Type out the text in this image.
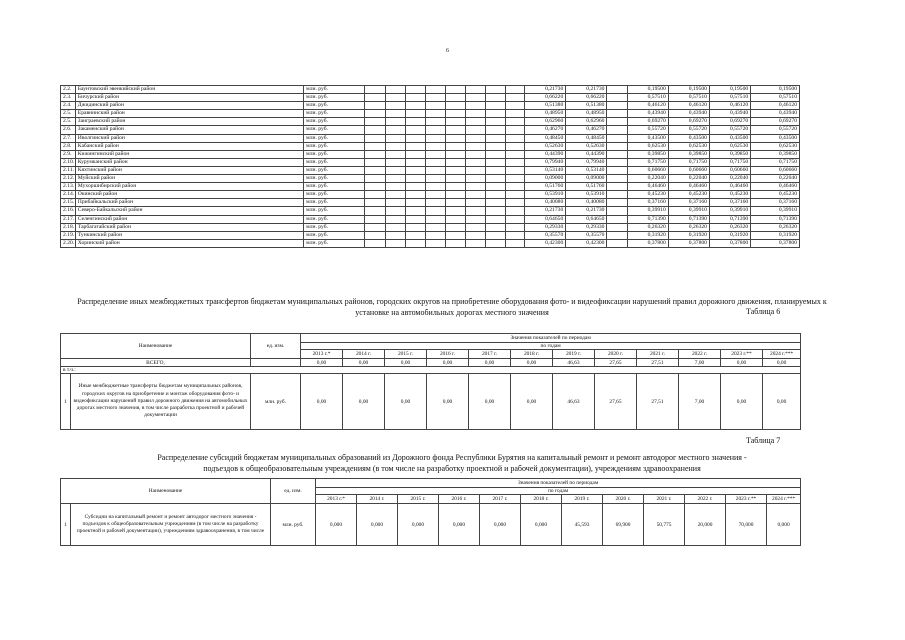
6
2.2.	Баунтовский эвенкийский район	млн. руб.									0,21730	0,21730		0,19500	0,19500	0,19500	0,19500
2.3.	Бичурский район	млн. руб.									0,66220	0,66220		0,57510	0,57510	0,57510	0,57510
2.4.	Джидинский район	млн. руб.									0,51380	0,51380		0,46120	0,46120	0,46120	0,46120
2.5.	Еравнинский район	млн. руб.									0,48950	0,48950		0,43940	0,43940	0,43940	0,43940
2.5.	Заиграевский район	млн. руб.									0,62960	0,62960		0,69270	0,69270	0,69270	0,69270
2.6.	Закаменский район	млн. руб.									0,46270	0,46270		0,55720	0,55720	0,55720	0,55720
2.7.	Иволгинский район	млн. руб.									0,48450	0,48450		0,43500	0,43500	0,43500	0,43500
2.8.	Кабанский район	млн. руб.									0,52630	0,52630		0,62530	0,62530	0,62530	0,62530
2.9.	Кижингинский район	млн. руб.									0,44390	0,44390		0,39850	0,39850	0,39850	0,39850
2.10.	Курумканский район	млн. руб.									0,79940	0,79940		0,71750	0,71750	0,71750	0,71750
2.11.	Кяхтинский район	млн. руб.									0,53140	0,53140		0,60660	0,60660	0,60660	0,60660
2.12.	Муйский район	млн. руб.									0,09000	0,09000		0,22040	0,22040	0,22040	0,22040
2.13.	Мухоршибирский район	млн. руб.									0,51760	0,51760		0,46460	0,46460	0,46460	0,46460
2.14.	Окинский район	млн. руб.									0,53910	0,53910		0,45230	0,45230	0,45230	0,45230
2.15.	Прибайкальский район	млн. руб.									0,40080	0,40080		0,37160	0,37160	0,37160	0,37160
2.16.	Северо-Байкальский район	млн. руб.									0,21730	0,21730		0,39910	0,39910	0,39910	0,39910
2.17.	Селенгинский район	млн. руб.									0,64650	0,64650		0,71390	0,71390	0,71390	0,71390
2.18.	Тарбагатайский район	млн. руб.									0,29330	0,29330		0,26320	0,26320	0,26320	0,26320
2.19.	Тункинский район	млн. руб.									0,35570	0,35570		0,31920	0,31920	0,31920	0,31920
2.20.	Хоринский район	млн. руб.									0,42300	0,42300		0,37800	0,37800	0,37800	0,37800
Таблица 6
Распределение иных межбюджетных трансфертов бюджетам муниципальных районов, городских округов на приобретение оборудования фото- и видеофиксации нарушений правил дорожного движения, планируемых к установке на автомобильных дорогах местного значения
Наименование		ед. изм.	Значения показателей по периодам											
			по годам											
			2013 г.*	2014 г.	2015 г.	2016 г.	2017 г.	2018 г.	2019 г.	2020 г.	2021 г.	2022 г.	2023 г.**	2024 г.***
ВСЕГО,			0,00	0,00	0,00	0,00	0,00	0,00	46,63	27,65	27,51	7,00	0,00	0,00
в т.ч.:														
1	Иные межбюджетные трансферты бюджетам муниципальных районов, городских округов на приобретение и монтаж оборудования фото- и видеофиксации нарушений правил дорожного движения на автомобильных дорогах местного значения, в том числе разработка проектной и рабочей документации	млн. руб.	0,00	0,00	0,00	0,00	0,00	0,00	46,63	27,65	27,51	7,00	0,00	0,00
Таблица 7
Распределение субсидий бюджетам муниципальных образований из Дорожного фонда Республики Бурятия на капитальный ремонт и ремонт автодорог местного значения -
подъездов к общеобразовательным учреждениям (в том числе на разработку проектной и рабочей документации), учреждениям здравоохранения
Наименование		ед. изм.	Значения показателей по периодам											
			по годам											
			2013 г.*	2014 г.	2015 г.	2016 г.	2017 г.	2018 г.	2019 г.	2020 г.	2021 г.	2022 г.	2023 г.**	2024 г.***
1	Субсидии на капитальный ремонт и ремонт автодорог местного значения - подъездов к общеобразовательным учреждениям (в том числе на разработку проектной и рабочей документации), учреждениям здравоохранения, в том числе	млн. руб.	0,000	0,000	0,000	0,000	0,000	0,000	45,593	69,900	50,775	20,000	70,000	0,000
